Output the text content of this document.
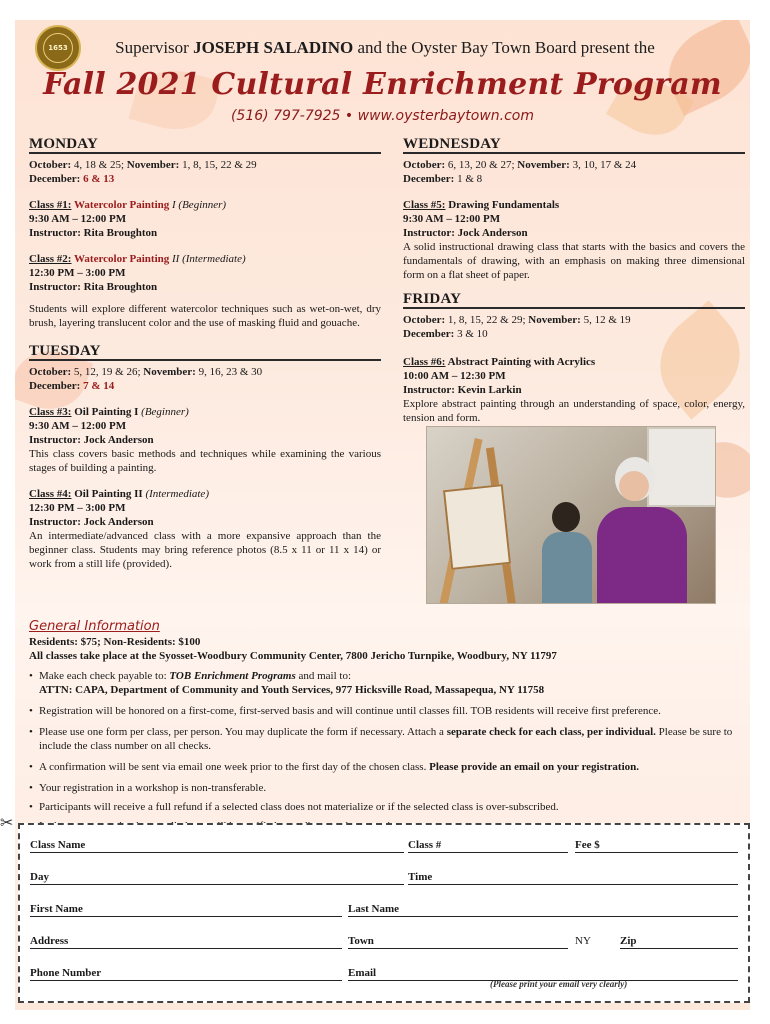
1653	Supervisor JOSEPH SALADINO and the Oyster Bay Town Board present the
Fall 2021 Cultural Enrichment Program
(516) 797-7925 • www.oysterbaytown.com
MONDAY
October: 4, 18 & 25; November: 1, 8, 15, 22 & 29
December: 6 & 13
Class #1: Watercolor Painting I (Beginner)
9:30 AM – 12:00 PM
Instructor: Rita Broughton
Class #2: Watercolor Painting II (Intermediate)
12:30 PM – 3:00 PM
Instructor: Rita Broughton
Students will explore different watercolor techniques such as wet-on-wet, dry brush, layering translucent color and the use of masking fluid and gouache.
TUESDAY
October: 5, 12, 19 & 26; November: 9, 16, 23 & 30
December: 7 & 14
Class #3: Oil Painting I (Beginner)
9:30 AM – 12:00 PM
Instructor: Jock Anderson
This class covers basic methods and techniques while examining the various stages of building a painting.
Class #4: Oil Painting II (Intermediate)
12:30 PM – 3:00 PM
Instructor: Jock Anderson
An intermediate/advanced class with a more expansive approach than the beginner class. Students may bring reference photos (8.5 x 11 or 11 x 14) or work from a still life (provided).
WEDNESDAY
October: 6, 13, 20 & 27; November: 3, 10, 17 & 24
December: 1 & 8
Class #5: Drawing Fundamentals
9:30 AM – 12:00 PM
Instructor: Jock Anderson
A solid instructional drawing class that starts with the basics and covers the fundamentals of drawing, with an emphasis on making three dimensional form on a flat sheet of paper.
FRIDAY
October: 1, 8, 15, 22 & 29; November: 5, 12 & 19
December: 3 & 10
Class #6: Abstract Painting with Acrylics
10:00 AM – 12:30 PM
Instructor: Kevin Larkin
Explore abstract painting through an understanding of space, color, energy, tension and form.
General Information
Residents: $75; Non-Residents: $100
All classes take place at the Syosset-Woodbury Community Center, 7800 Jericho Turnpike, Woodbury, NY 11797
• Make each check payable to: TOB Enrichment Programs and mail to:
ATTN: CAPA, Department of Community and Youth Services, 977 Hicksville Road, Massapequa, NY 11758
• Registration will be honored on a first-come, first-served basis and will continue until classes fill. TOB residents will receive first preference.
• Please use one form per class, per person. You may duplicate the form if necessary. Attach a separate check for each class, per individual. Please be sure to include the class number on all checks.
• A confirmation will be sent via email one week prior to the first day of the chosen class. Please provide an email on your registration.
• Your registration in a workshop is non-transferable.
• Participants will receive a full refund if a selected class does not materialize or if the selected class is over-subscribed.
•
✂
Class Name	Class #	Fee $
Day	Time
First Name	Last Name
Address	Town	NY	Zip
Phone Number	Email
(Please print your email very clearly)
